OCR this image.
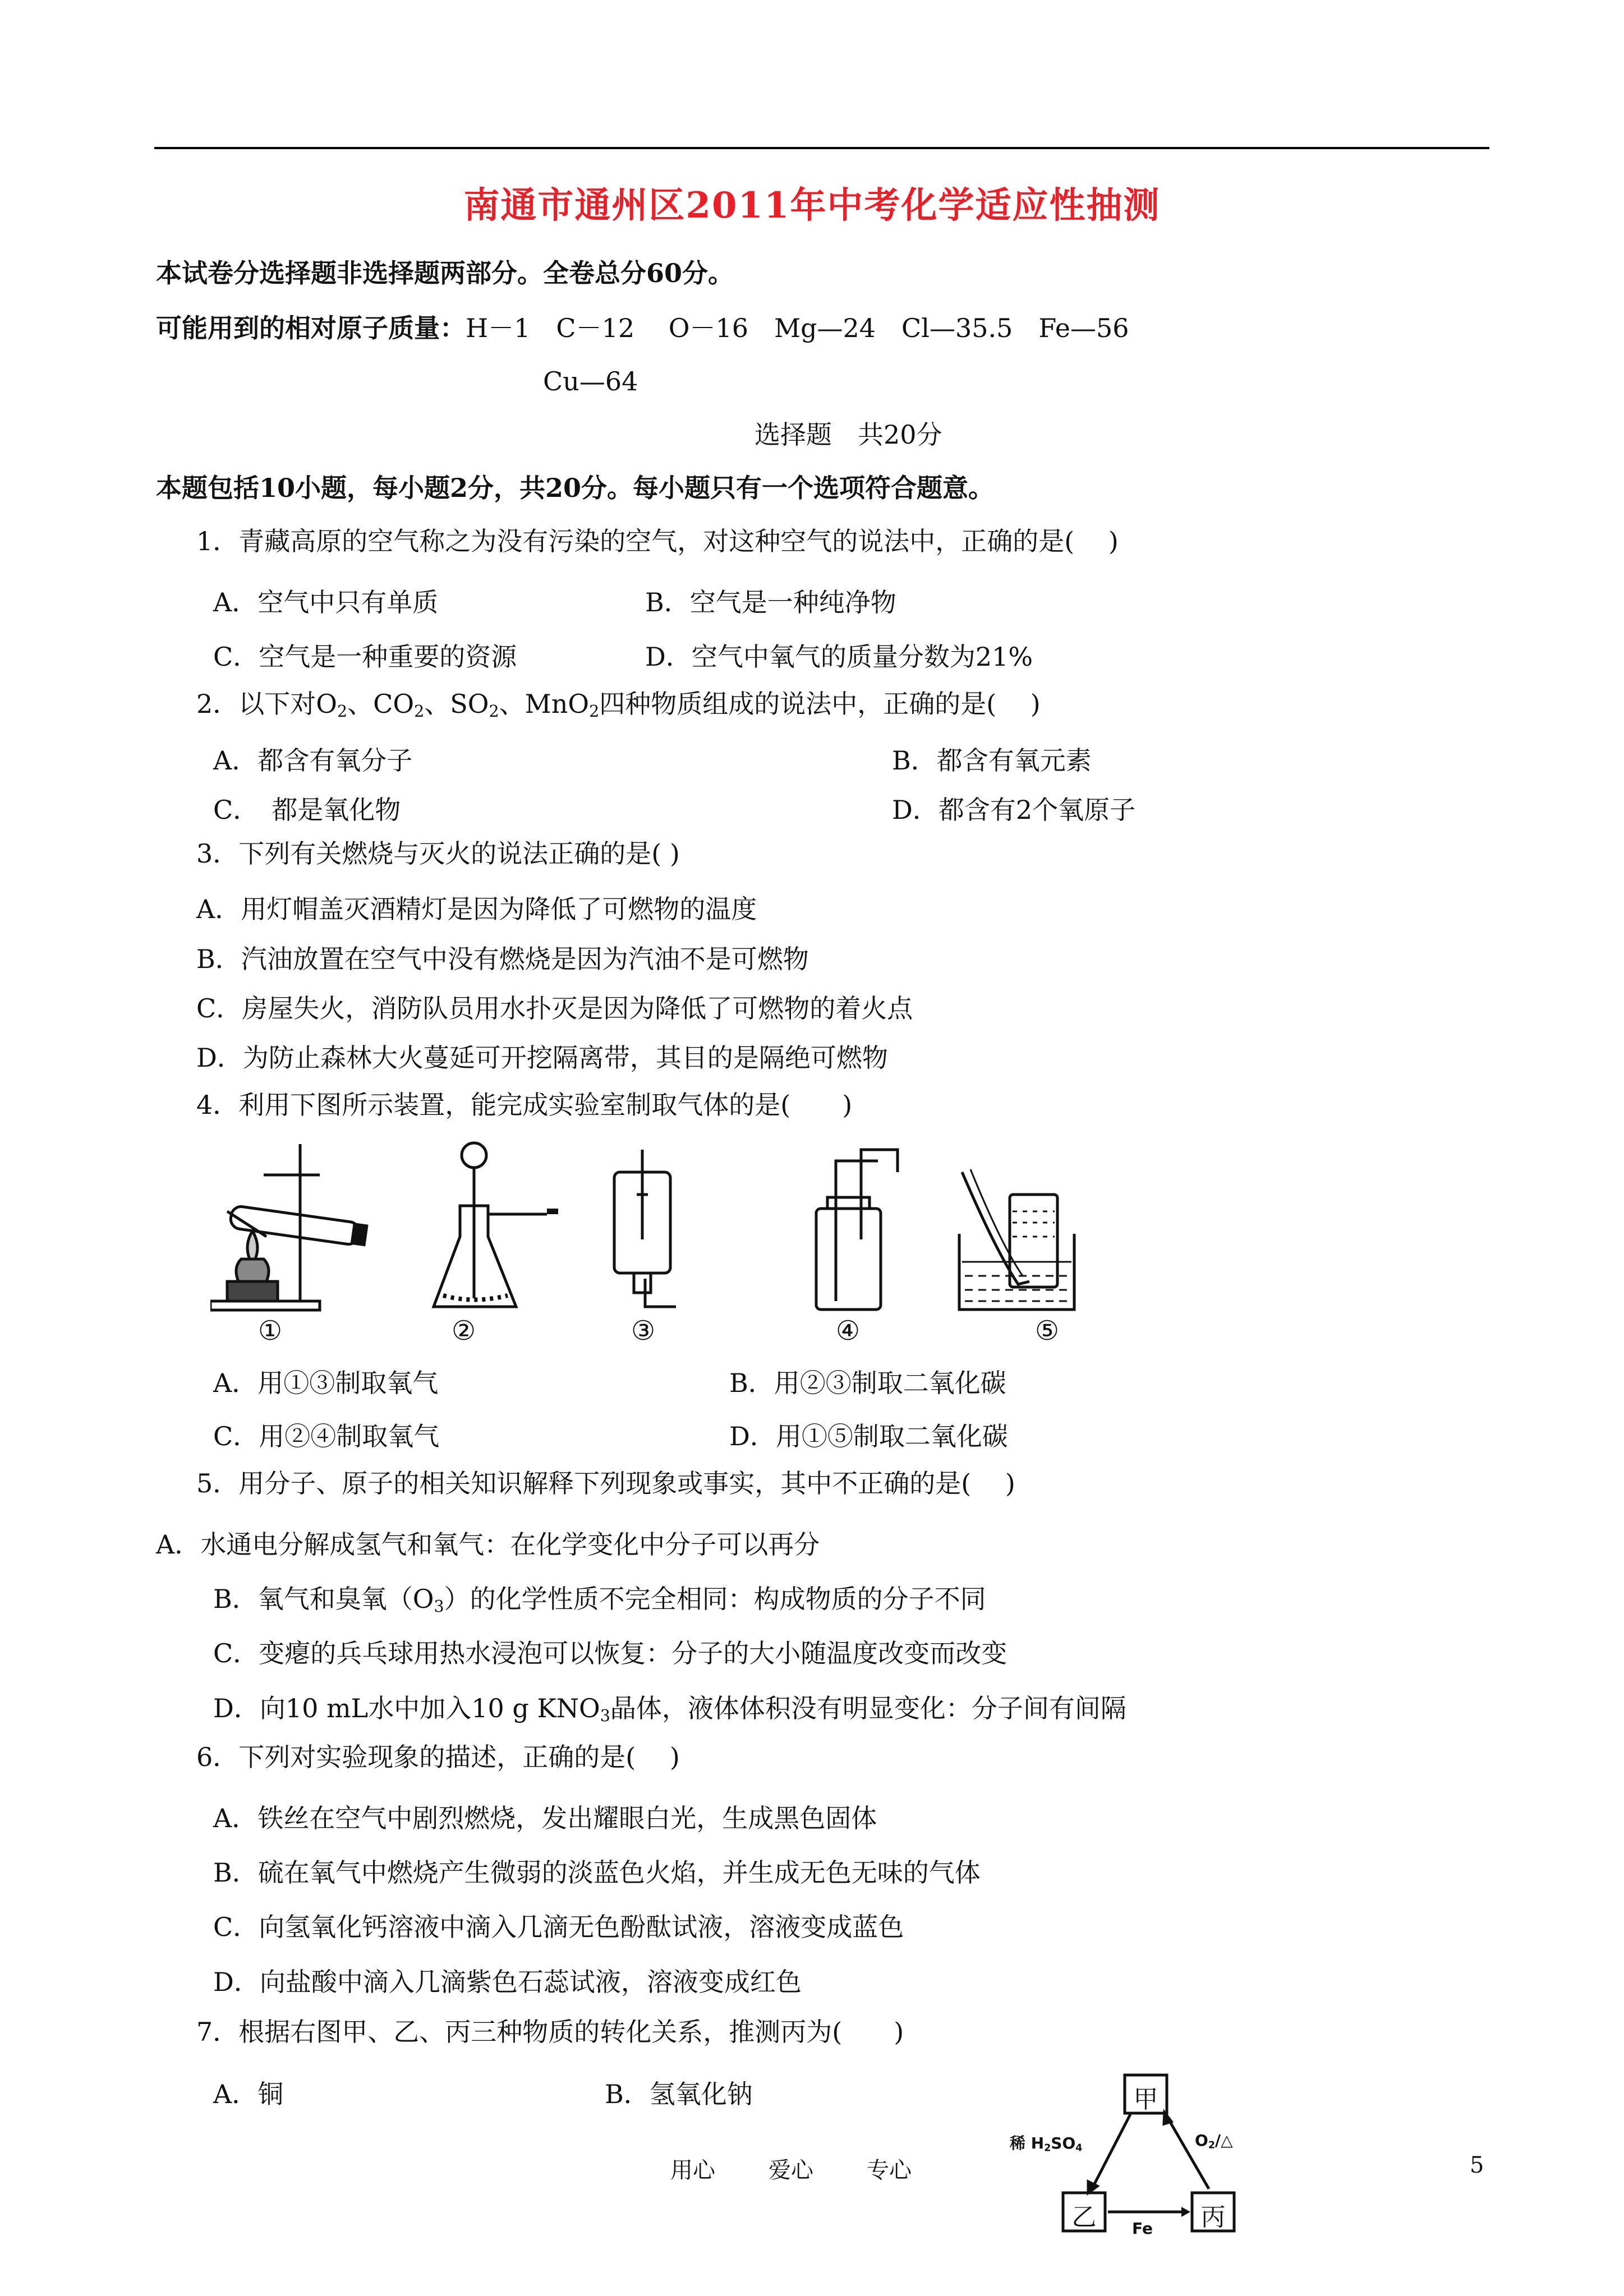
南通市通州区2011年中考化学适应性抽测
本试卷分选择题非选择题两部分。全卷总分60分。
可能用到的相对原子质量：H－1　C－12　 O－16　Mg—24　Cl—35.5　Fe—56
Cu—64
选择题　共20分
本题包括10小题，每小题2分，共20分。每小题只有一个选项符合题意。
1．青藏高原的空气称之为没有污染的空气，对这种空气的说法中，正确的是(　 )
A．空气中只有单质	B．空气是一种纯净物
C．空气是一种重要的资源	D．空气中氧气的质量分数为21%
2．以下对$O_2$、$CO_2$、$SO_2$、MnO$_2$四种物质组成的说法中，正确的是(　 )
A．都含有氧分子	B．都含有氧元素
C．　都是氧化物	D．都含有2个氧原子
3．下列有关燃烧与灭火的说法正确的是( )
A．用灯帽盖灭酒精灯是因为降低了可燃物的温度
B．汽油放置在空气中没有燃烧是因为汽油不是可燃物
C．房屋失火，消防队员用水扑灭是因为降低了可燃物的着火点
D．为防止森林大火蔓延可开挖隔离带，其目的是隔绝可燃物
4．利用下图所示装置，能完成实验室制取气体的是(　　)
①	②	③	④	⑤
A．用①③制取氧气	B．用②③制取二氧化碳
C．用②④制取氧气	D．用①⑤制取二氧化碳
5．用分子、原子的相关知识解释下列现象或事实，其中不正确的是(　 )
A．水通电分解成氢气和氧气：在化学变化中分子可以再分
B．氧气和臭氧$(O_3)$的化学性质不完全相同：构成物质的分子不同
C．变瘪的兵乓球用热水浸泡可以恢复：分子的大小随温度改变而改变
D．向10 mL水中加入10 g $KNO_3$晶体，液体体积没有明显变化：分子间有间隔
6．下列对实验现象的描述，正确的是(　 )
A．铁丝在空气中剧烈燃烧，发出耀眼白光，生成黑色固体
B．硫在氧气中燃烧产生微弱的淡蓝色火焰，并生成无色无味的气体
C．向氢氧化钙溶液中滴入几滴无色酚酞试液，溶液变成蓝色
D．向盐酸中滴入几滴紫色石蕊试液，溶液变成红色
7．根据右图甲、乙、丙三种物质的转化关系，推测丙为(　　)
A．铜	B．氢氧化钠	甲
乙	丙
稀 $H_2SO_4$	$O_2/\triangle$
Fe
用心 爱心 专心	5
